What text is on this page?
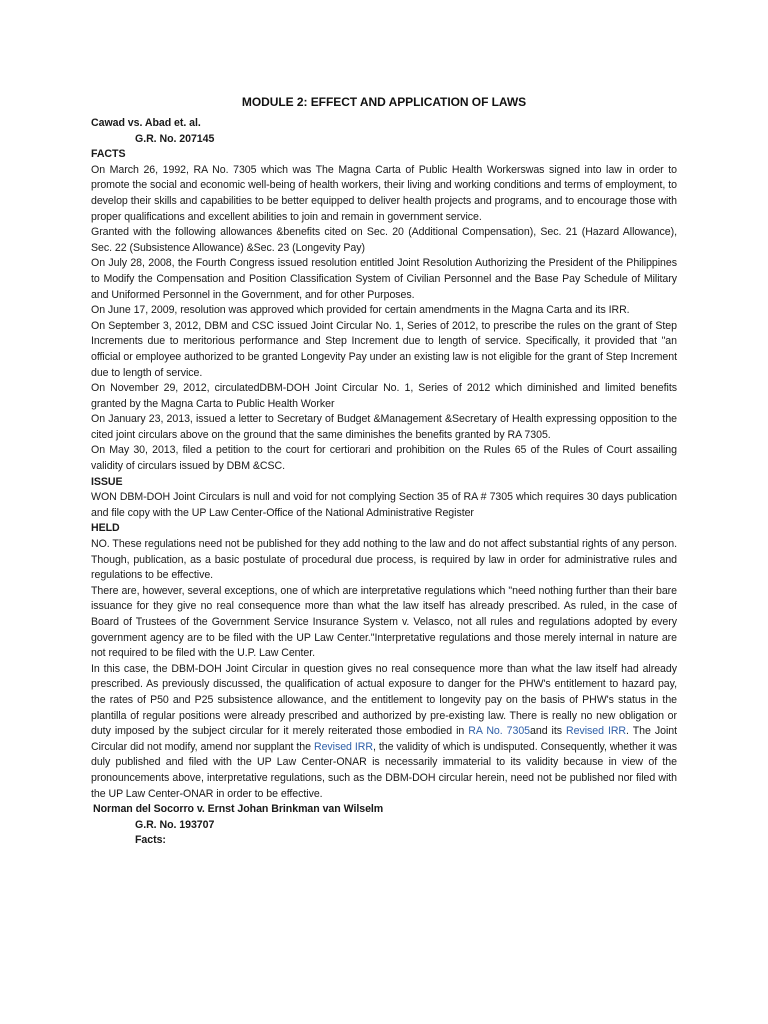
MODULE 2: EFFECT AND APPLICATION OF LAWS
Cawad vs. Abad et. al.
G.R. No. 207145
FACTS

On March 26, 1992, RA No. 7305 which was The Magna Carta of Public Health Workerswas signed into law in order to promote the social and economic well-being of health workers, their living and working conditions and terms of employment, to develop their skills and capabilities to be better equipped to deliver health projects and programs, and to encourage those with proper qualifications and excellent abilities to join and remain in government service.

Granted with the following allowances &benefits cited on Sec. 20 (Additional Compensation), Sec. 21 (Hazard Allowance), Sec. 22 (Subsistence Allowance) &Sec. 23 (Longevity Pay)

On July 28, 2008, the Fourth Congress issued resolution entitled Joint Resolution Authorizing the President of the Philippines to Modify the Compensation and Position Classification System of Civilian Personnel and the Base Pay Schedule of Military and Uniformed Personnel in the Government, and for other Purposes.

On June 17, 2009, resolution was approved which provided for certain amendments in the Magna Carta and its IRR.

On September 3, 2012, DBM and CSC issued Joint Circular No. 1, Series of 2012, to prescribe the rules on the grant of Step Increments due to meritorious performance and Step Increment due to length of service. Specifically, it provided that "an official or employee authorized to be granted Longevity Pay under an existing law is not eligible for the grant of Step Increment due to length of service.

On November 29, 2012, circulatedDBM-DOH Joint Circular No. 1, Series of 2012 which diminished and limited benefits granted by the Magna Carta to Public Health Worker

On January 23, 2013, issued a letter to Secretary of Budget &Management &Secretary of Health expressing opposition to the cited joint circulars above on the ground that the same diminishes the benefits granted by RA 7305.

On May 30, 2013, filed a petition to the court for certiorari and prohibition on the Rules 65 of the Rules of Court assailing validity of circulars issued by DBM &CSC.

ISSUE

WON DBM-DOH Joint Circulars is null and void for not complying Section 35 of RA # 7305 which requires 30 days publication and file copy with the UP Law Center-Office of the National Administrative Register

HELD

NO. These regulations need not be published for they add nothing to the law and do not affect substantial rights of any person. Though, publication, as a basic postulate of procedural due process, is required by law in order for administrative rules and regulations to be effective.

There are, however, several exceptions, one of which are interpretative regulations which "need nothing further than their bare issuance for they give no real consequence more than what the law itself has already prescribed. As ruled, in the case of Board of Trustees of the Government Service Insurance System v. Velasco, not all rules and regulations adopted by every government agency are to be filed with the UP Law Center."Interpretative regulations and those merely internal in nature are not required to be filed with the U.P. Law Center.

In this case, the DBM-DOH Joint Circular in question gives no real consequence more than what the law itself had already prescribed. As previously discussed, the qualification of actual exposure to danger for the PHW's entitlement to hazard pay, the rates of P50 and P25 subsistence allowance, and the entitlement to longevity pay on the basis of PHW's status in the plantilla of regular positions were already prescribed and authorized by pre-existing law. There is really no new obligation or duty imposed by the subject circular for it merely reiterated those embodied in RA No. 7305and its Revised IRR. The Joint Circular did not modify, amend nor supplant the Revised IRR, the validity of which is undisputed. Consequently, whether it was duly published and filed with the UP Law Center-ONAR is necessarily immaterial to its validity because in view of the pronouncements above, interpretative regulations, such as the DBM-DOH circular herein, need not be published nor filed with the UP Law Center-ONAR in order to be effective.

Norman del Socorro v. Ernst Johan Brinkman van Wilselm
G.R. No. 193707
Facts:
